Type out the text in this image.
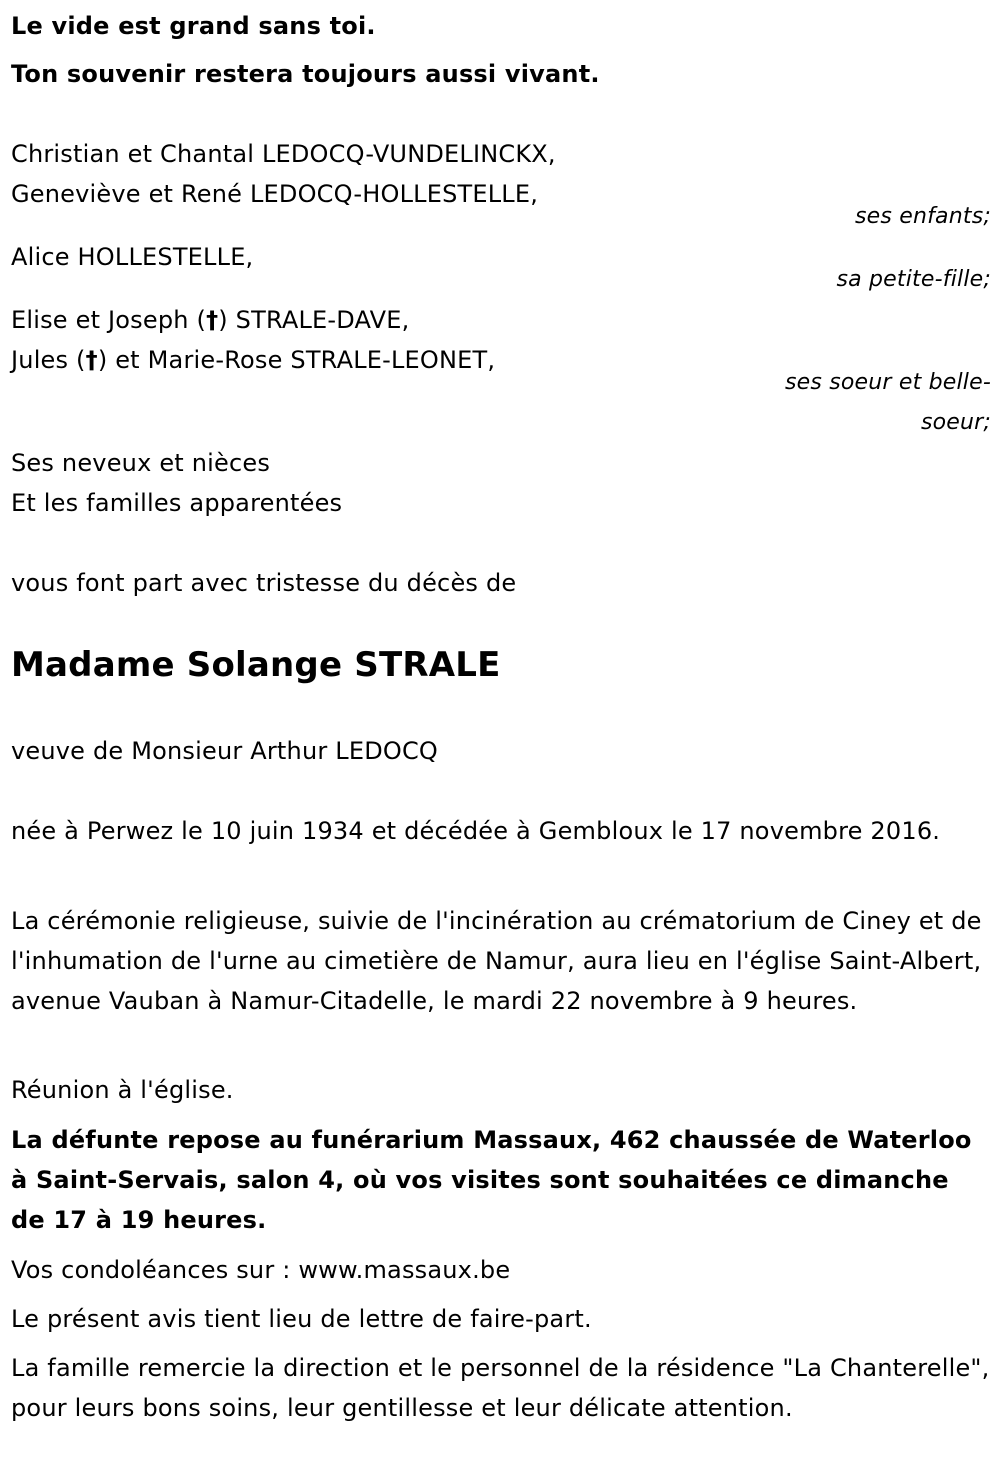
Le vide est grand sans toi.
Ton souvenir restera toujours aussi vivant.
Christian et Chantal LEDOCQ-VUNDELINCKX,
Geneviève et René LEDOCQ-HOLLESTELLE,
ses enfants;
Alice HOLLESTELLE,
sa petite-fille;
Elise et Joseph (†) STRALE-DAVE,
Jules (†) et Marie-Rose STRALE-LEONET,
ses soeur et belle-
soeur;
Ses neveux et nièces
Et les familles apparentées
vous font part avec tristesse du décès de
Madame Solange STRALE
veuve de Monsieur Arthur LEDOCQ
née à Perwez le 10 juin 1934 et décédée à Gembloux le 17 novembre 2016.
La cérémonie religieuse, suivie de l'incinération au crématorium de Ciney et de l'inhumation de l'urne au cimetière de Namur, aura lieu en l'église Saint-Albert, avenue Vauban à Namur-Citadelle, le mardi 22 novembre à 9 heures.
Réunion à l'église.
La défunte repose au funérarium Massaux, 462 chaussée de Waterloo à Saint-Servais, salon 4, où vos visites sont souhaitées ce dimanche de 17 à 19 heures.
Vos condoléances sur : www.massaux.be
Le présent avis tient lieu de lettre de faire-part.
La famille remercie la direction et le personnel de la résidence "La Chanterelle", pour leurs bons soins, leur gentillesse et leur délicate attention.
